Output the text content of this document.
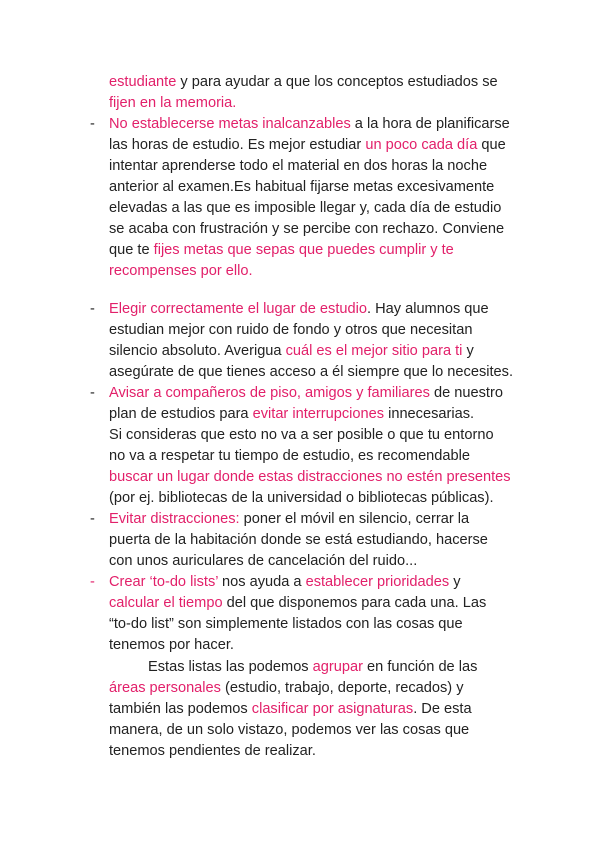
estudiante y para ayudar a que los conceptos estudiados se
fijen en la memoria.
- No establecerse metas inalcanzables a la hora de planificarse
las horas de estudio. Es mejor estudiar un poco cada día que
intentar aprenderse todo el material en dos horas la noche
anterior al examen.Es habitual fijarse metas excesivamente
elevadas a las que es imposible llegar y, cada día de estudio
se acaba con frustración y se percibe con rechazo. Conviene
que te fijes metas que sepas que puedes cumplir y te
recompenses por ello.
- Elegir correctamente el lugar de estudio. Hay alumnos que
estudian mejor con ruido de fondo y otros que necesitan
silencio absoluto. Averigua cuál es el mejor sitio para ti y
asegúrate de que tienes acceso a él siempre que lo necesites.
- Avisar a compañeros de piso, amigos y familiares de nuestro
plan de estudios para evitar interrupciones innecesarias.
Si consideras que esto no va a ser posible o que tu entorno
no va a respetar tu tiempo de estudio, es recomendable
buscar un lugar donde estas distracciones no estén presentes
(por ej. bibliotecas de la universidad o bibliotecas públicas).
- Evitar distracciones: poner el móvil en silencio, cerrar la
puerta de la habitación donde se está estudiando, hacerse
con unos auriculares de cancelación del ruido...
- Crear ‘to-do lists’ nos ayuda a establecer prioridades y
calcular el tiempo del que disponemos para cada una. Las
“to-do list” son simplemente listados con las cosas que
tenemos por hacer.
Estas listas las podemos agrupar en función de las
áreas personales (estudio, trabajo, deporte, recados) y
también las podemos clasificar por asignaturas. De esta
manera, de un solo vistazo, podemos ver las cosas que
tenemos pendientes de realizar.
